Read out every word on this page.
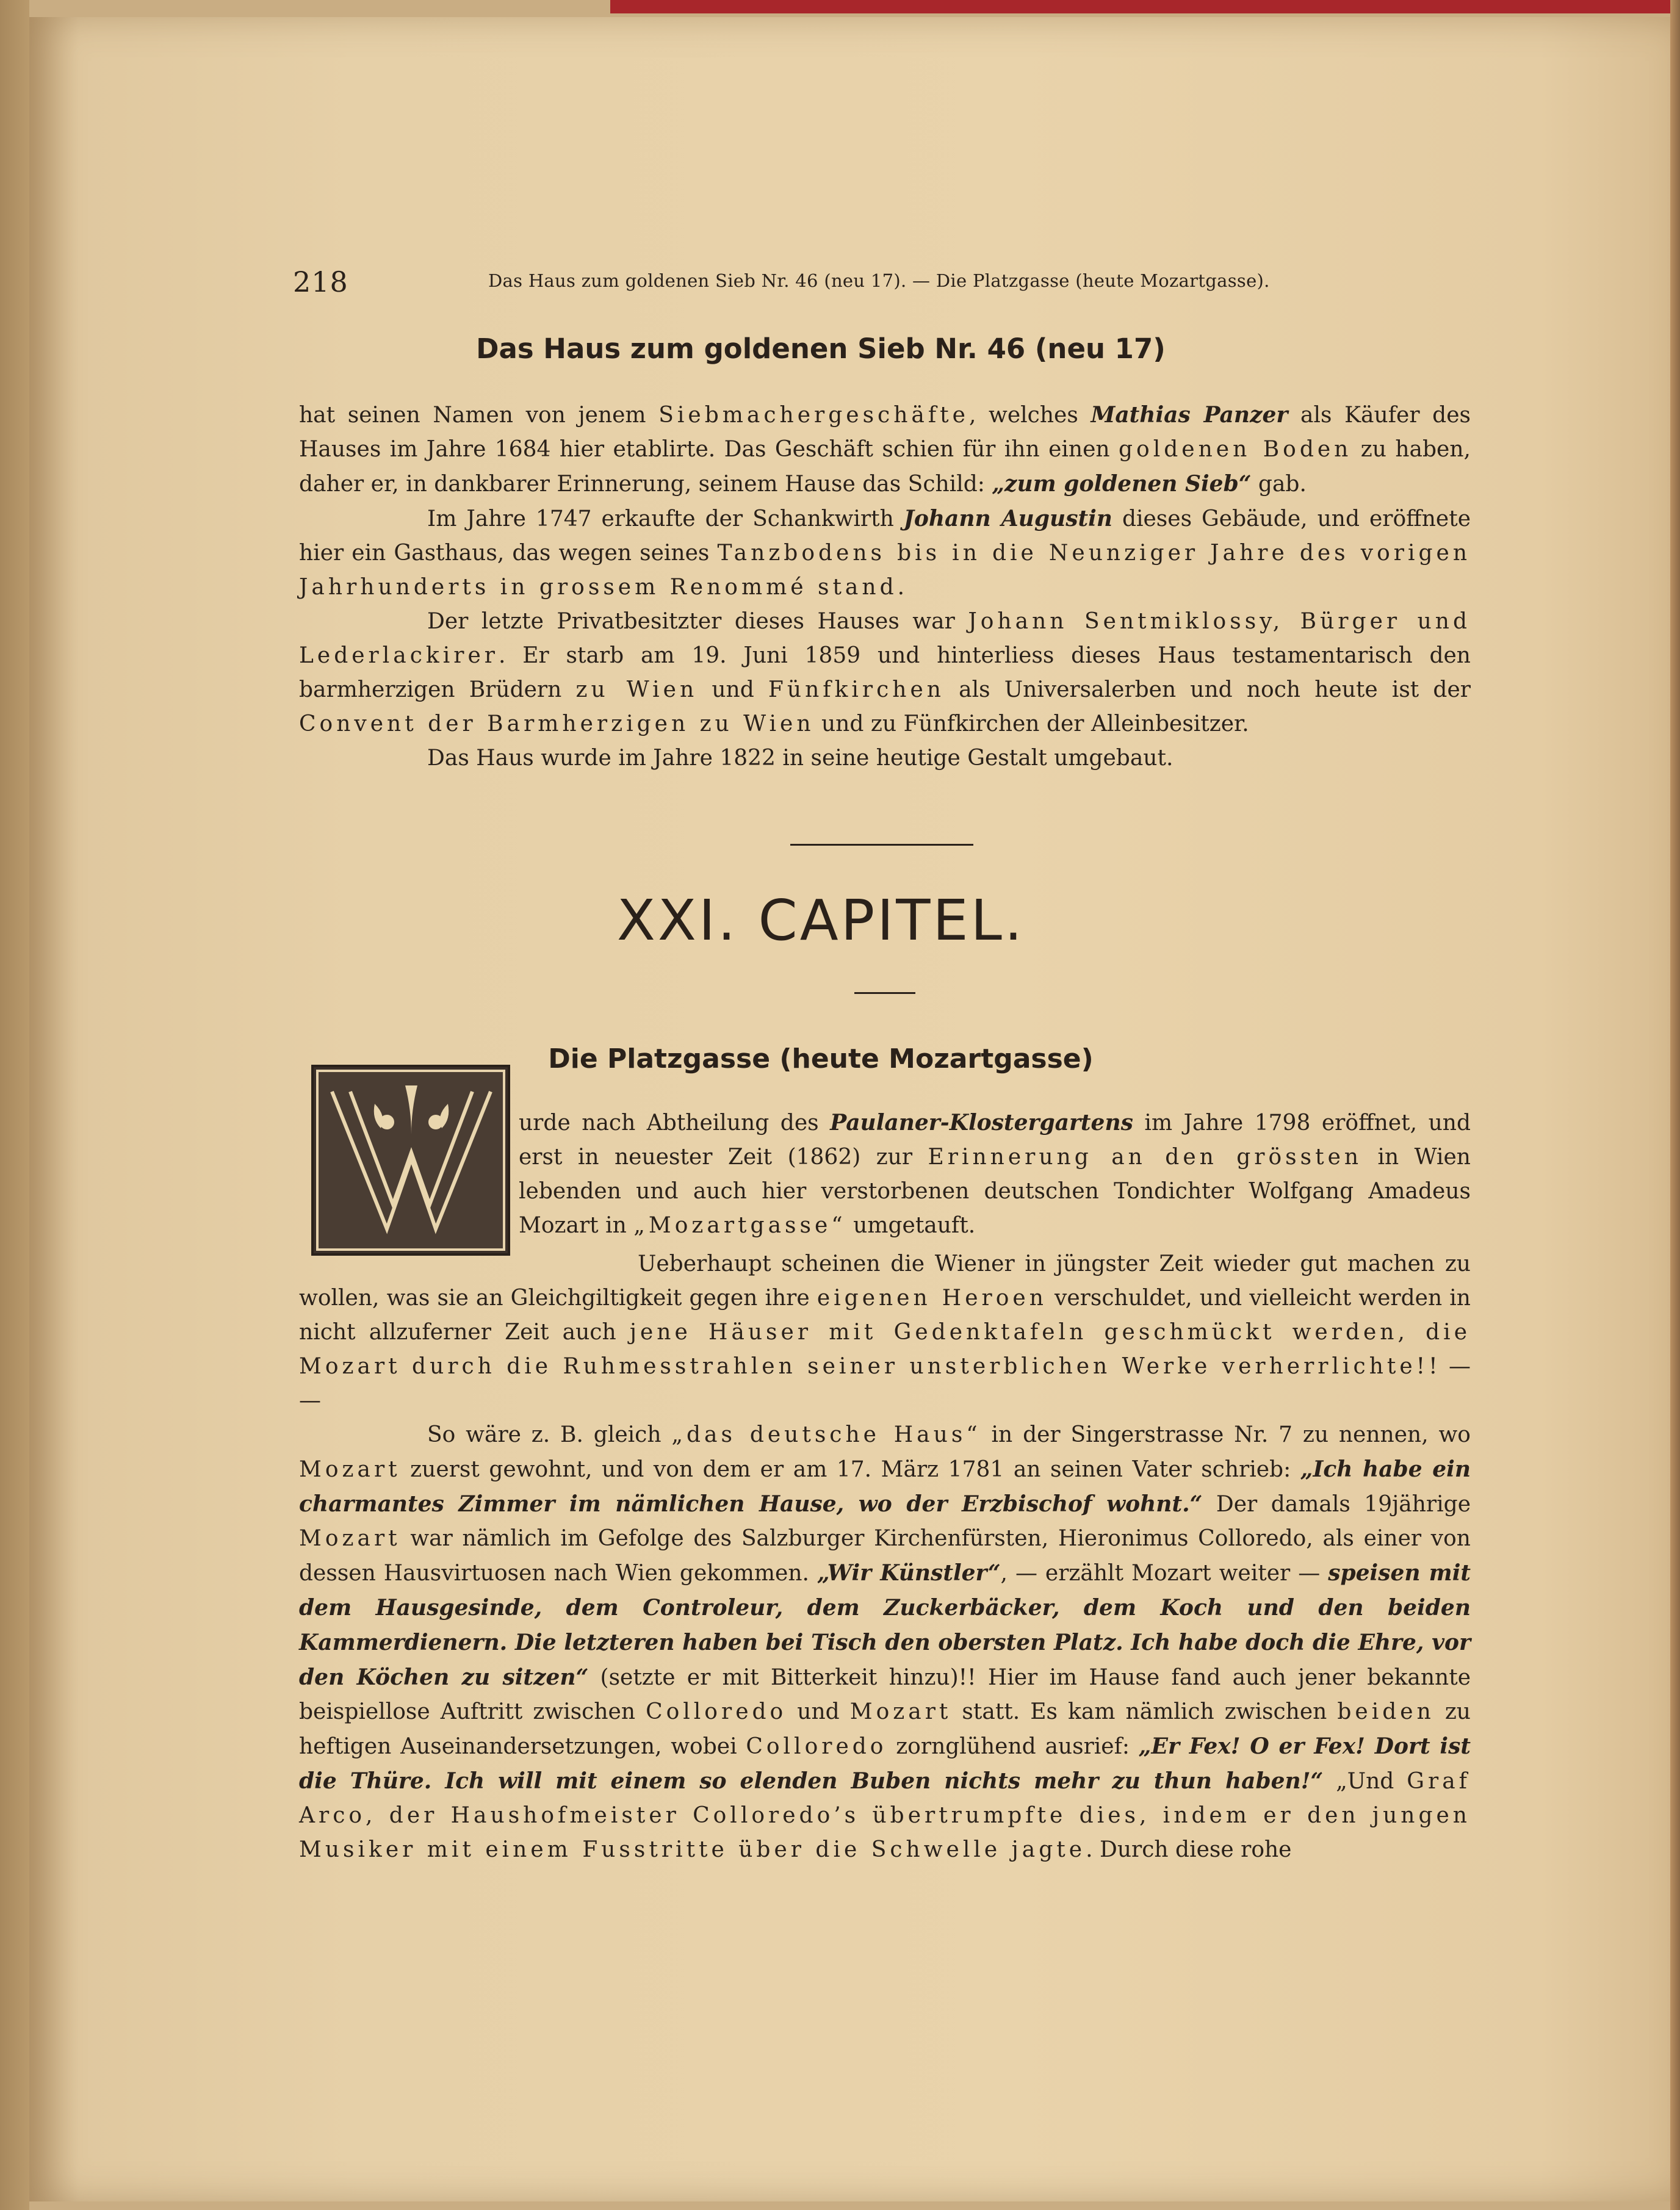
218	Das Haus zum goldenen Sieb Nr. 46 (neu 17). — Die Platzgasse (heute Mozartgasse).
Das Haus zum goldenen Sieb Nr. 46 (neu 17)

hat seinen Namen von jenem Siebmachergeschäfte, welches Mathias Panzer als Käufer des Hauses im Jahre 1684 hier etablirte. Das Geschäft schien für ihn einen goldenen Boden zu haben, daher er, in dankbarer Erinnerung, seinem Hause das Schild: „zum goldenen Sieb“ gab.

Im Jahre 1747 erkaufte der Schankwirth Johann Augustin dieses Gebäude, und eröffnete hier ein Gasthaus, das wegen seines Tanzbodens bis in die Neunziger Jahre des vorigen Jahrhunderts in grossem Renommé stand.

Der letzte Privatbesitzter dieses Hauses war Johann Sentmiklossy, Bürger und Lederlackirer. Er starb am 19. Juni 1859 und hinterliess dieses Haus testamentarisch den barmherzigen Brüdern zu Wien und Fünfkirchen als Universalerben und noch heute ist der Convent der Barmherzigen zu Wien und zu Fünfkirchen der Alleinbesitzer.

Das Haus wurde im Jahre 1822 in seine heutige Gestalt umgebaut.

XXI. CAPITEL.
Die Platzgasse (heute Mozartgasse)
urde nach Abtheilung des Paulaner-Klostergartens im Jahre 1798 eröffnet, und erst in neuester Zeit (1862) zur Erinnerung an den grössten in Wien lebenden und auch hier verstorbenen deutschen Tondichter Wolfgang Amadeus Mozart in „Mozartgasse“ umgetauft.

Ueberhaupt scheinen die Wiener in jüngster Zeit wieder gut machen zu wollen, was sie an Gleichgiltigkeit gegen ihre eigenen Heroen verschuldet, und vielleicht werden in nicht allzuferner Zeit auch jene Häuser mit Gedenktafeln geschmückt werden, die Mozart durch die Ruhmesstrahlen seiner unsterblichen Werke verherrlichte!! — —

So wäre z. B. gleich „das deutsche Haus“ in der Singerstrasse Nr. 7 zu nennen, wo Mozart zuerst gewohnt, und von dem er am 17. März 1781 an seinen Vater schrieb: „Ich habe ein charmantes Zimmer im nämlichen Hause, wo der Erzbischof wohnt.“ Der damals 19jährige Mozart war nämlich im Gefolge des Salzburger Kirchenfürsten, Hieronimus Colloredo, als einer von dessen Hausvirtuosen nach Wien gekommen. „Wir Künstler“, — erzählt Mozart weiter — speisen mit dem Hausgesinde, dem Controleur, dem Zuckerbäcker, dem Koch und den beiden Kammerdienern. Die letzteren haben bei Tisch den obersten Platz. Ich habe doch die Ehre, vor den Köchen zu sitzen“ (setzte er mit Bitterkeit hinzu)!! Hier im Hause fand auch jener bekannte beispiellose Auftritt zwischen Colloredo und Mozart statt. Es kam nämlich zwischen beiden zu heftigen Auseinandersetzungen, wobei Colloredo zornglühend ausrief: „Er Fex! O er Fex! Dort ist die Thüre. Ich will mit einem so elenden Buben nichts mehr zu thun haben!“ „Und Graf Arco, der Haushofmeister Colloredo’s übertrumpfte dies, indem er den jungen Musiker mit einem Fusstritte über die Schwelle jagte. Durch diese rohe
